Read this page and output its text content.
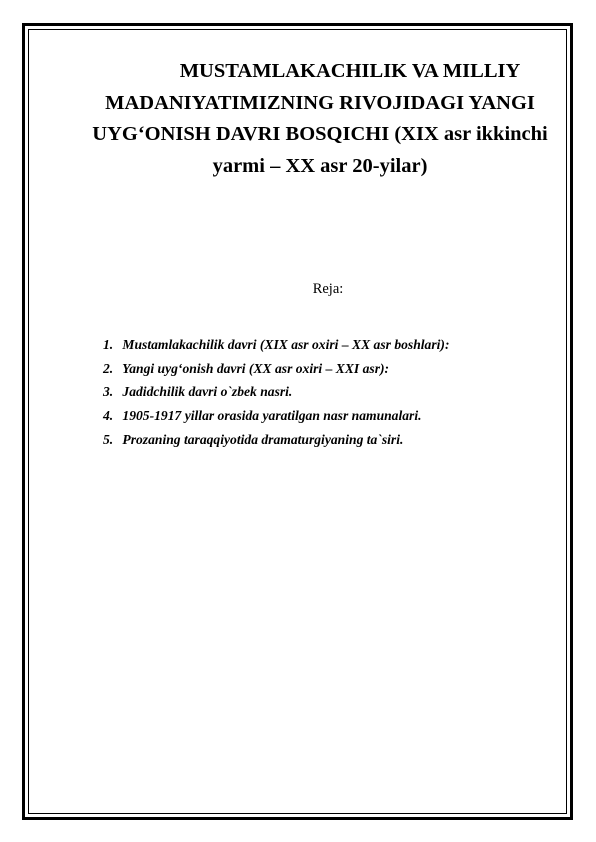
MUSTAMLAKACHILIK VA MILLIY
MADANIYATIMIZNING RIVOJIDAGI YANGI
UYG‘ONISH DAVRI BOSQICHI (XIX asr ikkinchi
yarmi – XX asr 20-yilar)
Reja:
1. Mustamlakachilik davri (XIX asr oxiri – XX asr boshlari):
2. Yangi uyg‘onish davri (XX asr oxiri – XXI asr):
3. Jadidchilik davri o`zbek nasri.
4. 1905-1917 yillar orasida yaratilgan nasr namunalari.
5. Prozaning taraqqiyotida dramaturgiyaning ta`siri.
